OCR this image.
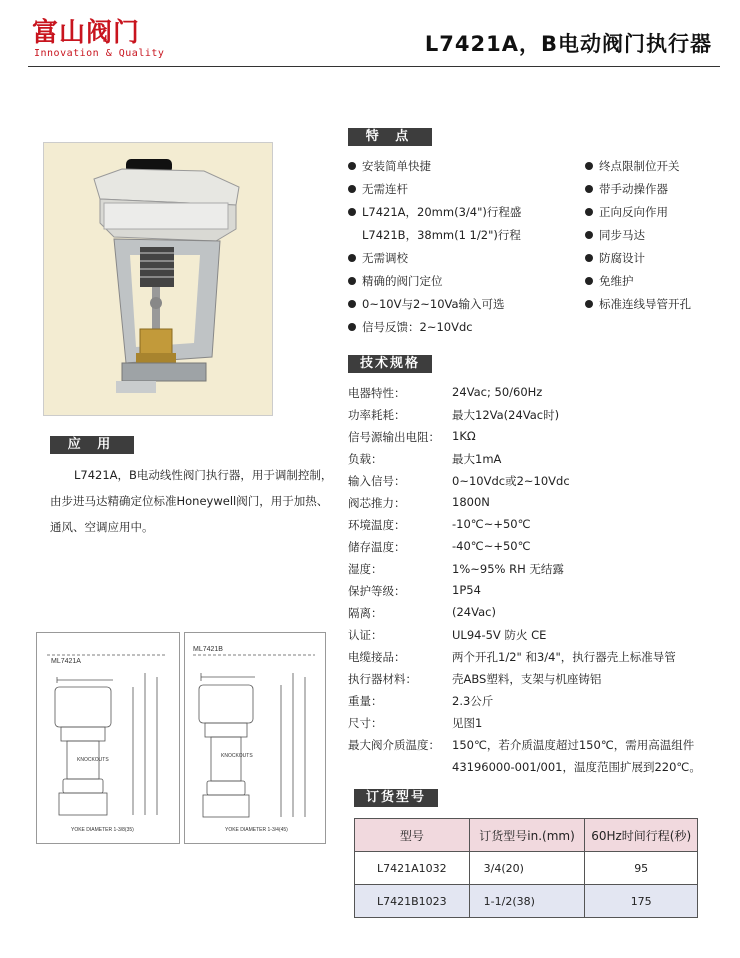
富山阀门
Innovation & Quality	L7421A，B电动阀门执行器
特 点
安装简单快捷
无需连杆
L7421A，20mm(3/4")行程盛
L7421B，38mm(1 1/2")行程
无需调校
精确的阀门定位
0~10V与2~10Va输入可选
信号反馈：2~10Vdc
终点限制位开关
带手动操作器
正向反向作用
同步马达
防腐设计
免维护
标准连线导管开孔
技术规格
电器特性：	24Vac; 50/60Hz
功率耗耗：	最大12Va(24Vac时)
信号源输出电阻： 1KΩ
负载：	最大1mA
输入信号：	0~10Vdc或2~10Vdc
阀芯推力：	1800N
环境温度：	-10℃~+50℃
储存温度：	-40℃~+50℃
湿度：	1%~95% RH 无结露
保护等级：	1P54
隔离：	(24Vac)
认证：	UL94-5V 防火 CE
电缆接品：	两个开孔1/2" 和3/4"，执行器壳上标准导管
执行器材料：	壳ABS塑料，支架与机座铸铝
重量：	2.3公斤
尺寸：	见图1
最大阀介质温度： 150℃，若介质温度超过150℃，需用高温组件
43196000-001/001，温度范围扩展到220℃。
应 用
L7421A，B电动线性阀门执行器，用于调制控制，由步进马达精确定位标准Honeywell阀门，用于加热、通风、空调应用中。
ML7421A
KNOCKOUTS
YOKE DIAMETER 1-3/8(35)
ML7421B
KNOCKOUTS
YOKE DIAMETER 1-3/4(45)
订货型号
型号	订货型号in.(mm)	60Hz时间行程(秒)
L7421A1032	3/4(20)	95
L7421B1023	1-1/2(38)	175
